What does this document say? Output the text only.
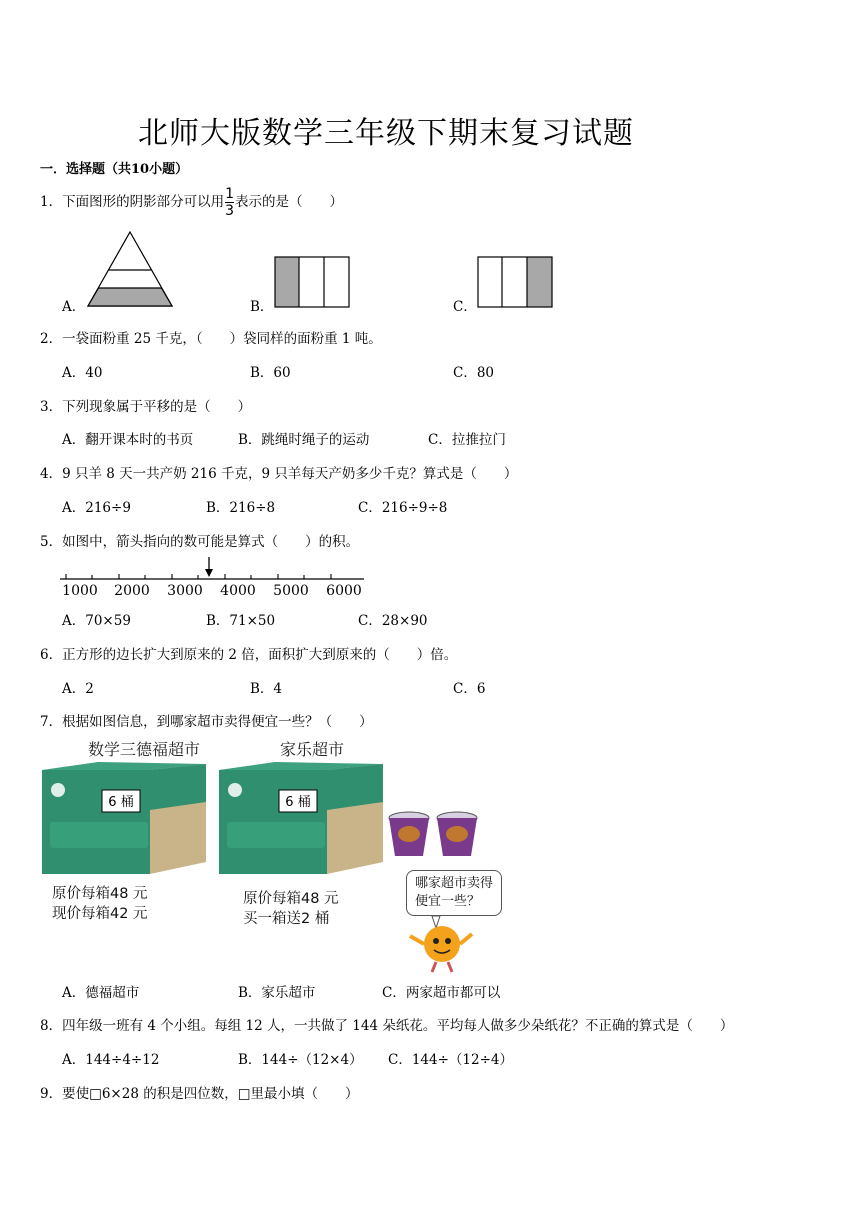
北师大版数学三年级下期末复习试题
一．选择题（共10小题）
1．下面图形的阴影部分可以用 $\frac{1}{3}$ 表示的是（　　）
A．	B．	C．
2．一袋面粉重 25 千克，（　　）袋同样的面粉重 1 吨。
A．40	B．60	C．80
3．下列现象属于平移的是（　　）
A．翻开课本时的书页	B．跳绳时绳子的运动	C．拉推拉门
4．9 只羊 8 天一共产奶 216 千克，9 只羊每天产奶多少千克？算式是（　　）
A．216÷9	B．216÷8	C．216÷9÷8
5．如图中，箭头指向的数可能是算式（　　）的积。
1000 2000 3000 4000 5000 6000
A．70×59	B．71×50	C．28×90
6．正方形的边长扩大到原来的 2 倍，面积扩大到原来的（　　）倍。
A．2	B．4	C．6
7．根据如图信息，到哪家超市卖得便宜一些？（　　）
数学三德福超市
6 桶
原价每箱48 元
现价每箱42 元
家乐超市
6 桶
原价每箱48 元
买一箱送2 桶
哪家超市卖得
便宜一些？
A．德福超市	B．家乐超市	C．两家超市都可以
8．四年级一班有 4 个小组。每组 12 人，一共做了 144 朵纸花。平均每人做多少朵纸花？不正确的算式是（　　）
A．144÷4÷12	B．144÷（12×4） C．144÷（12÷4）
9．要使□6×28 的积是四位数，□里最小填（　　）
